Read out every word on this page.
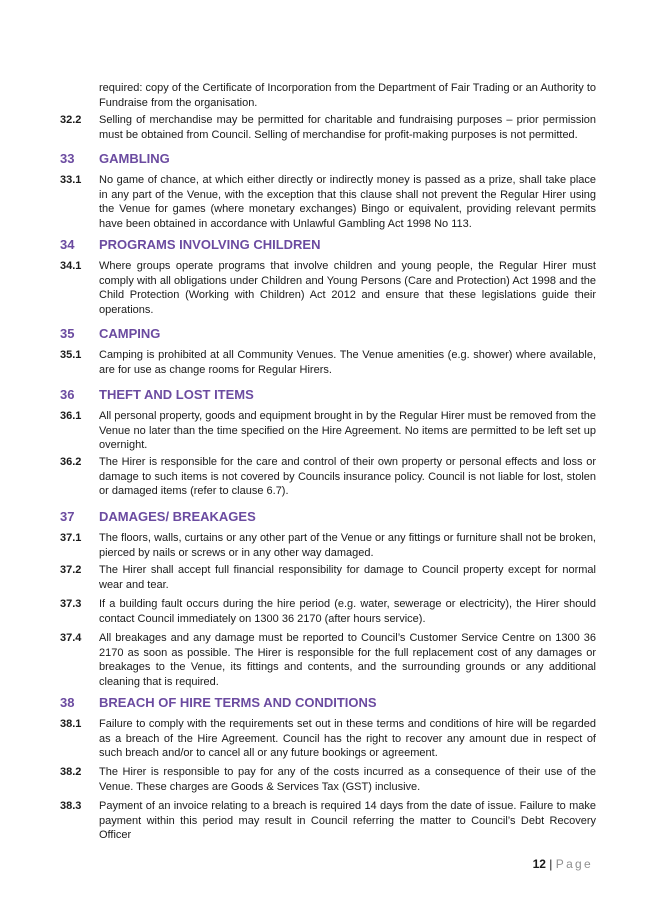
required: copy of the Certificate of Incorporation from the Department of Fair Trading or an Authority to Fundraise from the organisation.
32.2	Selling of merchandise may be permitted for charitable and fundraising purposes – prior permission must be obtained from Council. Selling of merchandise for profit-making purposes is not permitted.
33	GAMBLING
33.1	No game of chance, at which either directly or indirectly money is passed as a prize, shall take place in any part of the Venue, with the exception that this clause shall not prevent the Regular Hirer using the Venue for games (where monetary exchanges) Bingo or equivalent, providing relevant permits have been obtained in accordance with Unlawful Gambling Act 1998 No 113.
34	PROGRAMS INVOLVING CHILDREN
34.1	Where groups operate programs that involve children and young people, the Regular Hirer must comply with all obligations under Children and Young Persons (Care and Protection) Act 1998 and the Child Protection (Working with Children) Act 2012 and ensure that these legislations guide their operations.
35	CAMPING
35.1	Camping is prohibited at all Community Venues. The Venue amenities (e.g. shower) where available, are for use as change rooms for Regular Hirers.
36	THEFT AND LOST ITEMS
36.1	All personal property, goods and equipment brought in by the Regular Hirer must be removed from the Venue no later than the time specified on the Hire Agreement. No items are permitted to be left set up overnight.
36.2	The Hirer is responsible for the care and control of their own property or personal effects and loss or damage to such items is not covered by Councils insurance policy. Council is not liable for lost, stolen or damaged items (refer to clause 6.7).
37	DAMAGES/ BREAKAGES
37.1	The floors, walls, curtains or any other part of the Venue or any fittings or furniture shall not be broken, pierced by nails or screws or in any other way damaged.
37.2	The Hirer shall accept full financial responsibility for damage to Council property except for normal wear and tear.
37.3	If a building fault occurs during the hire period (e.g. water, sewerage or electricity), the Hirer should contact Council immediately on 1300 36 2170 (after hours service).
37.4	All breakages and any damage must be reported to Council’s Customer Service Centre on 1300 36 2170 as soon as possible. The Hirer is responsible for the full replacement cost of any damages or breakages to the Venue, its fittings and contents, and the surrounding grounds or any additional cleaning that is required.
38	BREACH OF HIRE TERMS AND CONDITIONS
38.1	Failure to comply with the requirements set out in these terms and conditions of hire will be regarded as a breach of the Hire Agreement. Council has the right to recover any amount due in respect of such breach and/or to cancel all or any future bookings or agreement.
38.2	The Hirer is responsible to pay for any of the costs incurred as a consequence of their use of the Venue. These charges are Goods & Services Tax (GST) inclusive.
38.3	Payment of an invoice relating to a breach is required 14 days from the date of issue. Failure to make payment within this period may result in Council referring the matter to Council’s Debt Recovery Officer
12 | Page
